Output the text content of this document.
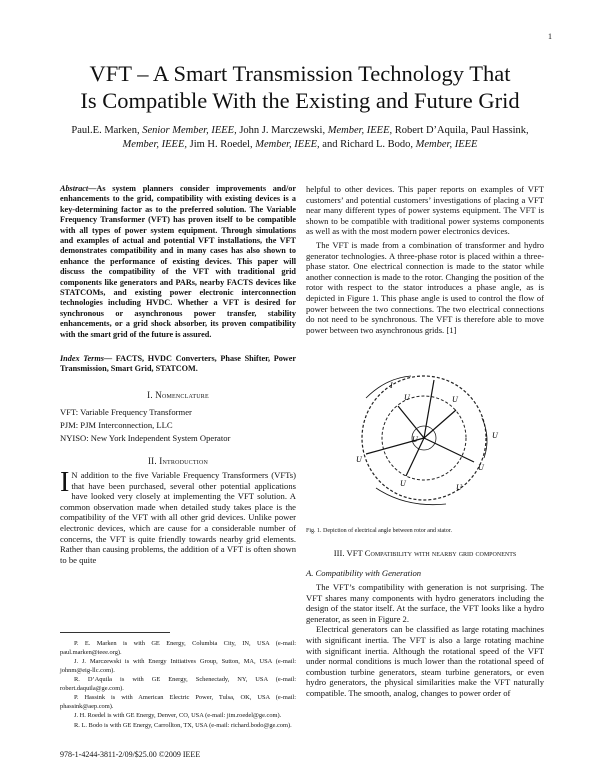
1
VFT – A Smart Transmission Technology That
Is Compatible With the Existing and Future Grid
Paul.E. Marken, Senior Member, IEEE, John J. Marczewski, Member, IEEE, Robert D’Aquila, Paul Hassink, Member, IEEE, Jim H. Roedel, Member, IEEE, and Richard L. Bodo, Member, IEEE
Abstract—As system planners consider improvements and/or enhancements to the grid, compatibility with existing devices is a key-determining factor as to the preferred solution. The Variable Frequency Transformer (VFT) has proven itself to be compatible with all types of power system equipment. Through simulations and examples of actual and potential VFT installations, the VFT demonstrates compatibility and in many cases has also shown to enhance the performance of existing devices. This paper will discuss the compatibility of the VFT with traditional grid components like generators and PARs, nearby FACTS devices like STATCOMs, and existing power electronic interconnection technologies including HVDC. Whether a VFT is desired for synchronous or asynchronous power transfer, stability enhancements, or a grid shock absorber, its proven compatibility with the smart grid of the future is assured.
Index Terms— FACTS, HVDC Converters, Phase Shifter, Power Transmission, Smart Grid, STATCOM.
I. Nomenclature
VFT: Variable Frequency Transformer
PJM: PJM Interconnection, LLC
NYISO: New York Independent System Operator
II. Introduction
I N addition to the five Variable Frequency Transformers (VFTs) that have been purchased, several other potential applications have looked very closely at implementing the VFT solution. A common observation made when detailed study takes place is the compatibility of the VFT with all other grid devices. Unlike power electronic devices, which are cause for a considerable number of concerns, the VFT is quite friendly towards nearby grid elements. Rather than causing problems, the addition of a VFT is often shown to be quite

P. E. Marken is with GE Energy, Columbia City, IN, USA (e-mail: paul.marken@ieee.org).

J. J. Marczewski is with Energy Initiatives Group, Sutton, MA, USA (e-mail: johnm@eig-llc.com).

R. D’Aquila is with GE Energy, Schenectady, NY, USA (e-mail: robert.daquila@ge.com).

P. Hassink is with American Electric Power, Tulsa, OK, USA (e-mail: phassink@aep.com).

J. H. Roedel is with GE Energy, Denver, CO, USA (e-mail: jim.roedel@ge.com).

R. L. Bodo is with GE Energy, Carrollton, TX, USA (e-mail: richard.bodo@ge.com).

978-1-4244-3811-2/09/$25.00 ©2009 IEEE
helpful to other devices. This paper reports on examples of VFT customers’ and potential customers’ investigations of placing a VFT near many different types of power systems equipment. The VFT is shown to be compatible with traditional power systems components as well as with the most modern power electronics devices.

The VFT is made from a combination of transformer and hydro generator technologies. A three-phase rotor is placed within a three-phase stator. One electrical connection is made to the stator while another connection is made to the rotor. Changing the position of the rotor with respect to the stator introduces a phase angle, as is depicted in Figure 1. This phase angle is used to control the flow of power between the two connections. The two electrical connections do not need to be synchronous. The VFT is therefore able to move power between two asynchronous grids. [1]

I
U	U
U
U
U
U	U
U
Fig. 1. Depiction of electrical angle between rotor and stator.
III. VFT Compatibility with nearby grid components
A. Compatibility with Generation

The VFT’s compatibility with generation is not surprising. The VFT shares many components with hydro generators including the design of the stator itself. At the surface, the VFT looks like a hydro generator, as seen in Figure 2.

Electrical generators can be classified as large rotating machines with significant inertia. The VFT is also a large rotating machine with significant inertia. Although the rotational speed of the VFT under normal conditions is much lower than the rotational speed of combustion turbine generators, steam turbine generators, or even hydro generators, the physical similarities make the VFT naturally compatible. The smooth, analog, changes to power order of
